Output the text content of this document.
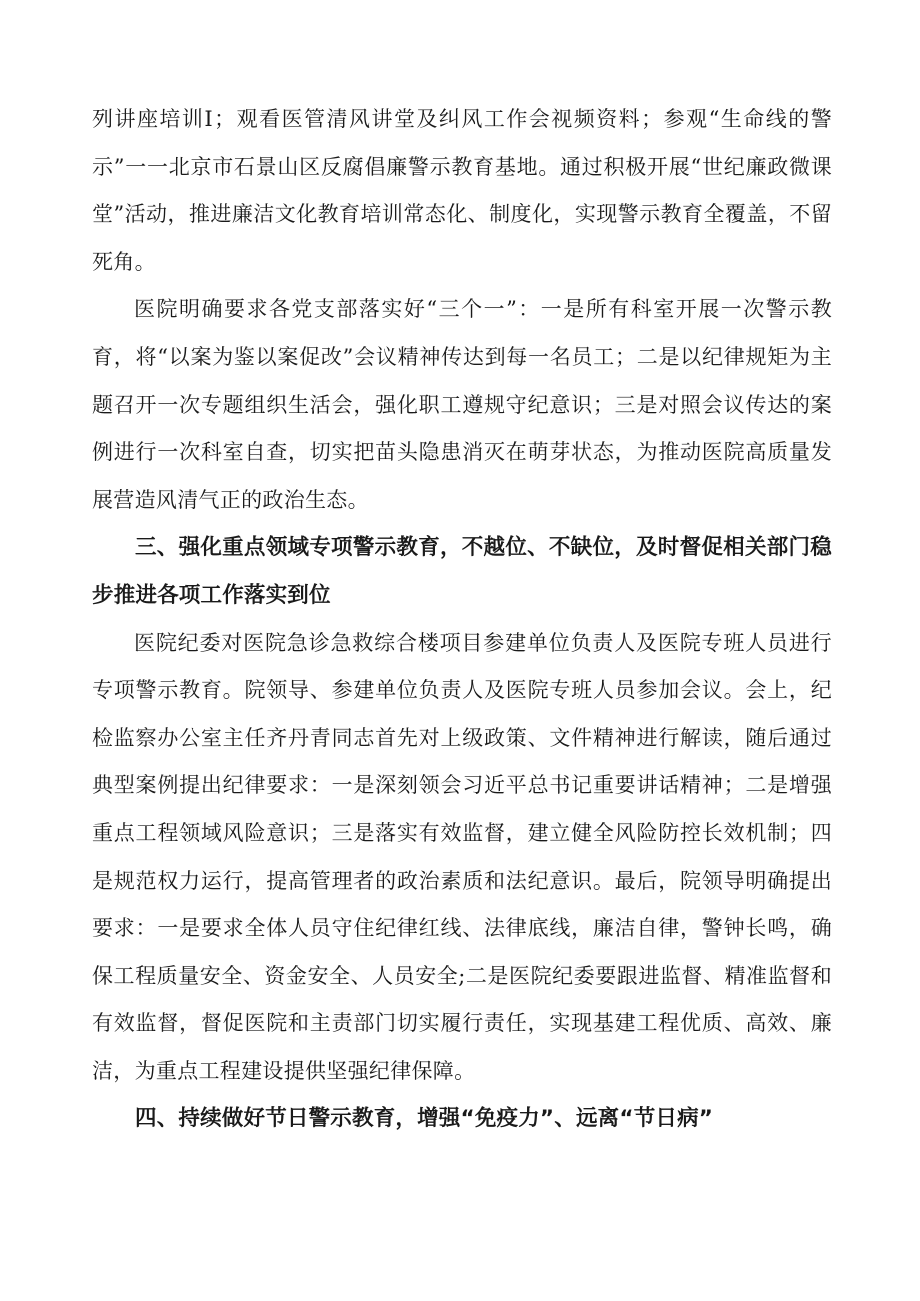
列讲座培训Ⅰ；观看医管清风讲堂及纠风工作会视频资料；参观“生命线的警示”一一北京市石景山区反腐倡廉警示教育基地。通过积极开展“世纪廉政微课堂”活动，推进廉洁文化教育培训常态化、制度化，实现警示教育全覆盖，不留死角。

医院明确要求各党支部落实好“三个一”：一是所有科室开展一次警示教育，将“以案为鉴以案促改”会议精神传达到每一名员工；二是以纪律规矩为主题召开一次专题组织生活会，强化职工遵规守纪意识；三是对照会议传达的案例进行一次科室自查，切实把苗头隐患消灭在萌芽状态，为推动医院高质量发展营造风清气正的政治生态。

三、强化重点领域专项警示教育，不越位、不缺位，及时督促相关部门稳步推进各项工作落实到位

医院纪委对医院急诊急救综合楼项目参建单位负责人及医院专班人员进行专项警示教育。院领导、参建单位负责人及医院专班人员参加会议。会上，纪检监察办公室主任齐丹青同志首先对上级政策、文件精神进行解读，随后通过典型案例提出纪律要求：一是深刻领会习近平总书记重要讲话精神；二是增强重点工程领域风险意识；三是落实有效监督，建立健全风险防控长效机制；四是规范权力运行，提高管理者的政治素质和法纪意识。最后，院领导明确提出要求：一是要求全体人员守住纪律红线、法律底线，廉洁自律，警钟长鸣，确保工程质量安全、资金安全、人员安全;二是医院纪委要跟进监督、精准监督和有效监督，督促医院和主责部门切实履行责任，实现基建工程优质、高效、廉洁，为重点工程建设提供坚强纪律保障。

四、持续做好节日警示教育，增强“免疫力”、远离“节日病”
